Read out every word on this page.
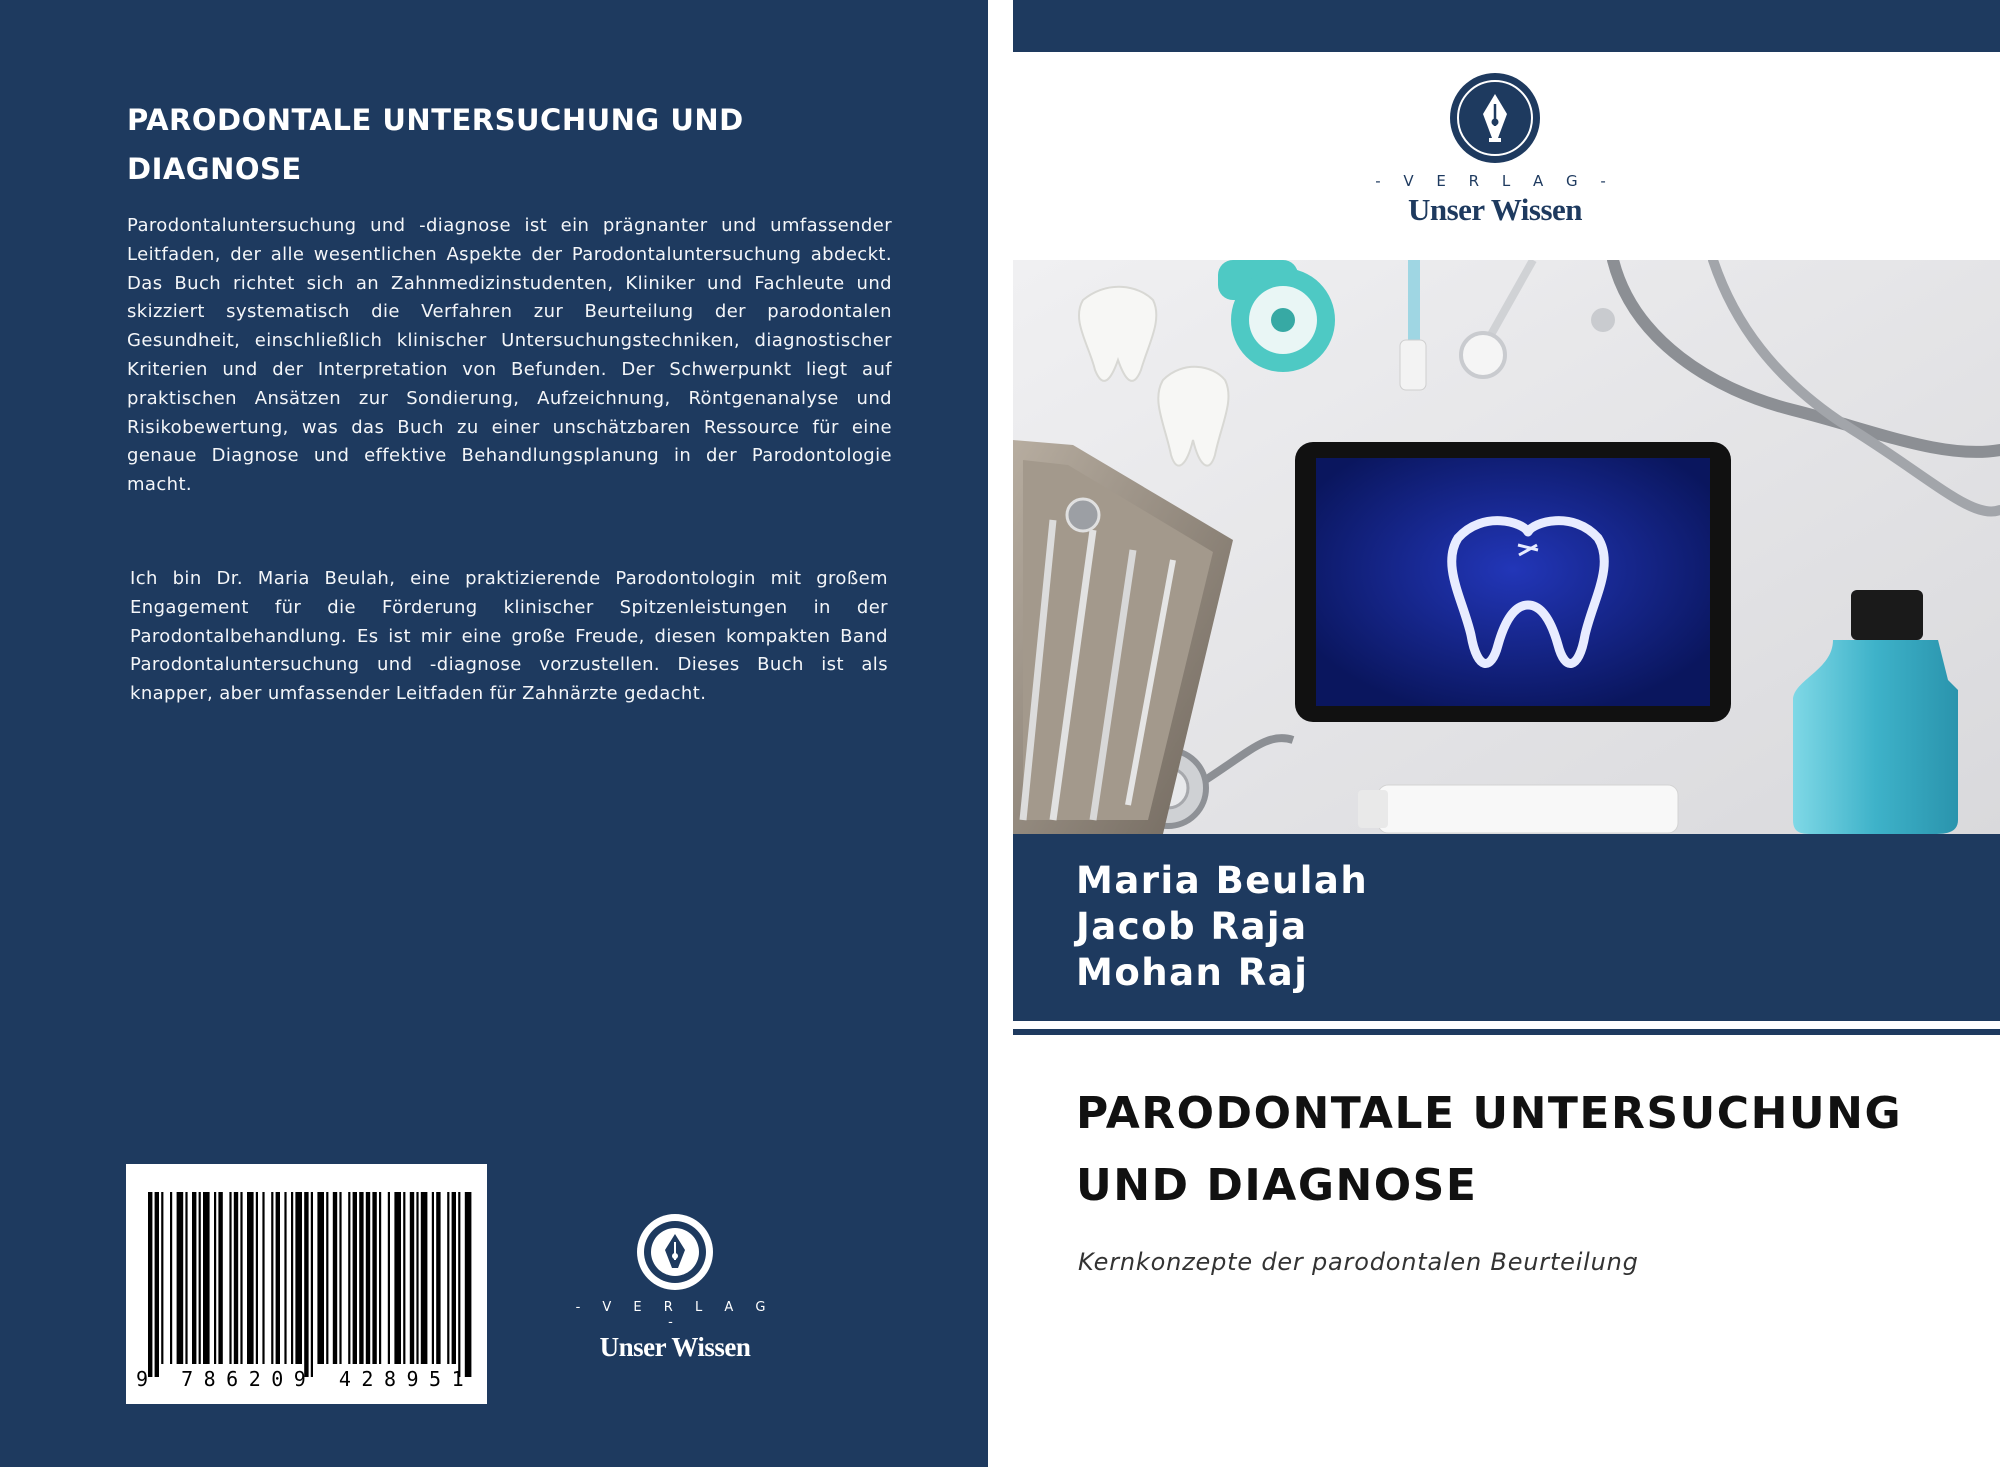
PARODONTALE UNTERSUCHUNG UND DIAGNOSE

Parodontaluntersuchung und -diagnose ist ein prägnanter und umfassender Leitfaden, der alle wesentlichen Aspekte der Parodontaluntersuchung abdeckt. Das Buch richtet sich an Zahnmedizinstudenten, Kliniker und Fachleute und skizziert systematisch die Verfahren zur Beurteilung der parodontalen Gesundheit, einschließlich klinischer Untersuchungstechniken, diagnostischer Kriterien und der Interpretation von Befunden. Der Schwerpunkt liegt auf praktischen Ansätzen zur Sondierung, Aufzeichnung, Röntgenanalyse und Risikobewertung, was das Buch zu einer unschätzbaren Ressource für eine genaue Diagnose und effektive Behandlungsplanung in der Parodontologie macht.

Ich bin Dr. Maria Beulah, eine praktizierende Parodontologin mit großem Engagement für die Förderung klinischer Spitzenleistungen in der Parodontalbehandlung. Es ist mir eine große Freude, diesen kompakten Band Parodontaluntersuchung und -diagnose vorzustellen. Dieses Buch ist als knapper, aber umfassender Leitfaden für Zahnärzte gedacht.

9 786209 428951

- V E R L A G -

Unser Wissen

- V E R L A G -

Unser Wissen

Maria Beulah
Jacob Raja
Mohan Raj
PARODONTALE UNTERSUCHUNG UND DIAGNOSE

Kernkonzepte der parodontalen Beurteilung
